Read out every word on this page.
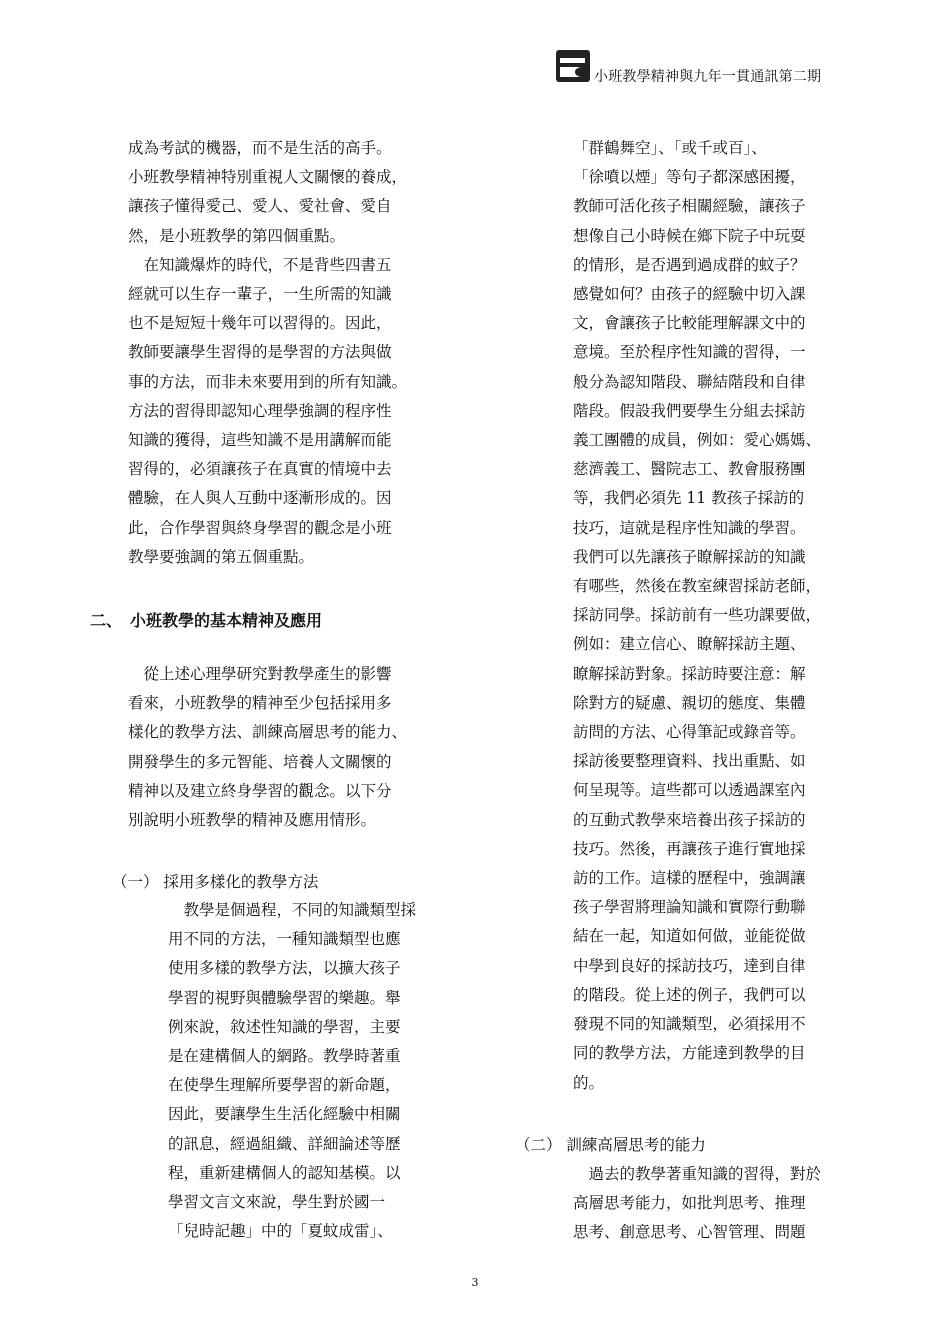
小班教學精神與九年一貫通訊第二期
成為考試的機器，而不是生活的高手。
小班教學精神特別重視人文關懷的養成，
讓孩子懂得愛己、愛人、愛社會、愛自
然，是小班教學的第四個重點。
　在知識爆炸的時代，不是背些四書五
經就可以生存一輩子，一生所需的知識
也不是短短十幾年可以習得的。因此，
教師要讓學生習得的是學習的方法與做
事的方法，而非未來要用到的所有知識。
方法的習得即認知心理學強調的程序性
知識的獲得，這些知識不是用講解而能
習得的，必須讓孩子在真實的情境中去
體驗，在人與人互動中逐漸形成的。因
此，合作學習與終身學習的觀念是小班
教學要強調的第五個重點。
二、　小班教學的基本精神及應用
　從上述心理學研究對教學產生的影響
看來，小班教學的精神至少包括採用多
樣化的教學方法、訓練高層思考的能力、
開發學生的多元智能、培養人文關懷的
精神以及建立終身學習的觀念。以下分
別說明小班教學的精神及應用情形。
（一） 採用多樣化的教學方法
　教學是個過程，不同的知識類型採
用不同的方法，一種知識類型也應
使用多樣的教學方法，以擴大孩子
學習的視野與體驗學習的樂趣。舉
例來說，敘述性知識的學習，主要
是在建構個人的網路。教學時著重
在使學生理解所要學習的新命題，
因此，要讓學生生活化經驗中相關
的訊息，經過組織、詳細論述等歷
程，重新建構個人的認知基模。以
學習文言文來說，學生對於國一
「兒時記趣」中的「夏蚊成雷」、
「群鶴舞空」、「或千或百」、
「徐噴以煙」等句子都深感困擾，
教師可活化孩子相關經驗，讓孩子
想像自己小時候在鄉下院子中玩耍
的情形，是否遇到過成群的蚊子？
感覺如何？由孩子的經驗中切入課
文，會讓孩子比較能理解課文中的
意境。至於程序性知識的習得，一
般分為認知階段、聯結階段和自律
階段。假設我們要學生分組去採訪
義工團體的成員，例如：愛心媽媽、
慈濟義工、醫院志工、教會服務團
等，我們必須先 11 教孩子採訪的
技巧，這就是程序性知識的學習。
我們可以先讓孩子瞭解採訪的知識
有哪些，然後在教室練習採訪老師，
採訪同學。採訪前有一些功課要做，
例如：建立信心、瞭解採訪主題、
瞭解採訪對象。採訪時要注意：解
除對方的疑慮、親切的態度、集體
訪問的方法、心得筆記或錄音等。
採訪後要整理資料、找出重點、如
何呈現等。這些都可以透過課室內
的互動式教學來培養出孩子採訪的
技巧。然後，再讓孩子進行實地採
訪的工作。這樣的歷程中，強調讓
孩子學習將理論知識和實際行動聯
結在一起，知道如何做，並能從做
中學到良好的採訪技巧，達到自律
的階段。從上述的例子，我們可以
發現不同的知識類型，必須採用不
同的教學方法，方能達到教學的目
的。
（二） 訓練高層思考的能力
　過去的教學著重知識的習得，對於
高層思考能力，如批判思考、推理
思考、創意思考、心智管理、問題
3
